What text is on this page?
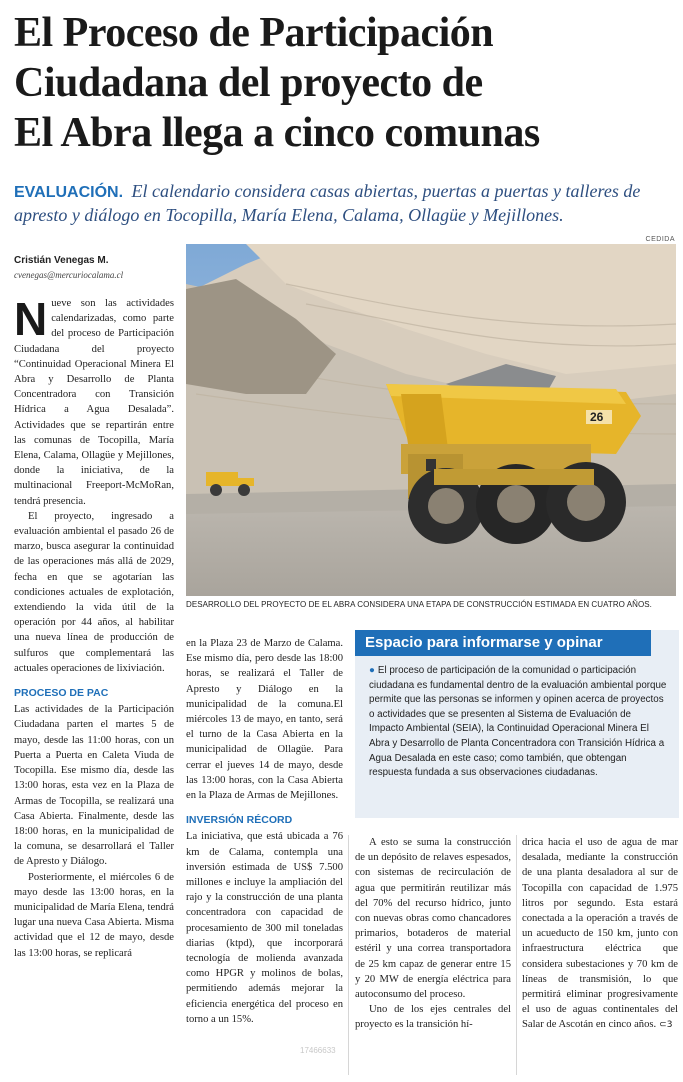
El Proceso de Participación
Ciudadana del proyecto de
El Abra llega a cinco comunas
EVALUACIÓN. El calendario considera casas abiertas, puertas a puertas y talleres de apresto y diálogo en Tocopilla, María Elena, Calama, Ollagüe y Mejillones.
Cristián Venegas M.
cvenegas@mercuriocalama.cl
CEDIDA
26
DESARROLLO DEL PROYECTO DE EL ABRA CONSIDERA UNA ETAPA DE CONSTRUCCIÓN ESTIMADA EN CUATRO AÑOS.

Nueve son las actividades calendarizadas, como parte del proceso de Participación Ciudadana del proyecto “Continuidad Operacional Minera El Abra y Desarrollo de Planta Concentradora con Transición Hídrica a Agua Desalada”. Actividades que se repartirán entre las comunas de Tocopilla, María Elena, Calama, Ollagüe y Mejillones, donde la iniciativa, de la multinacional Freeport-McMoRan, tendrá presencia.

El proyecto, ingresado a evaluación ambiental el pasado 26 de marzo, busca asegurar la continuidad de las operaciones más allá de 2029, fecha en que se agotarían las condiciones actuales de explotación, extendiendo la vida útil de la operación por 44 años, al habilitar una nueva línea de producción de sulfuros que complementará las actuales operaciones de lixiviación.

PROCESO DE PAC

Las actividades de la Participación Ciudadana parten el martes 5 de mayo, desde las 11:00 horas, con un Puerta a Puerta en Caleta Viuda de Tocopilla. Ese mismo día, desde las 13:00 horas, esta vez en la Plaza de Armas de Tocopilla, se realizará una Casa Abierta. Finalmente, desde las 18:00 horas, en la municipalidad de la comuna, se desarrollará el Taller de Apresto y Diálogo.

Posteriormente, el miércoles 6 de mayo desde las 13:00 horas, en la municipalidad de María Elena, tendrá lugar una nueva Casa Abierta. Misma actividad que el 12 de mayo, desde las 13:00 horas, se replicará

en la Plaza 23 de Marzo de Calama. Ese mismo día, pero desde las 18:00 horas, se realizará el Taller de Apresto y Diálogo en la municipalidad de la comuna.El miércoles 13 de mayo, en tanto, será el turno de la Casa Abierta en la municipalidad de Ollagüe. Para cerrar el jueves 14 de mayo, desde las 13:00 horas, con la Casa Abierta en la Plaza de Armas de Mejillones.

INVERSIÓN RÉCORD

La iniciativa, que está ubicada a 76 km de Calama, contempla una inversión estimada de US$ 7.500 millones e incluye la ampliación del rajo y la construcción de una planta concentradora con capacidad de procesamiento de 300 mil toneladas diarias (ktpd), que incorporará tecnología de molienda avanzada como HPGR y molinos de bolas, permitiendo además mejorar la eficiencia energética del proceso en torno a un 15%.

Espacio para informarse y opinar
● El proceso de participación de la comunidad o participación ciudadana es fundamental dentro de la evaluación ambiental porque permite que las personas se informen y opinen acerca de proyectos o actividades que se presenten al Sistema de Evaluación de Impacto Ambiental (SEIA), la Continuidad Operacional Minera El Abra y Desarrollo de Planta Concentradora con Transición Hídrica a Agua Desalada en este caso; como también, que obtengan respuesta fundada a sus observaciones ciudadanas.

A esto se suma la construcción de un depósito de relaves espesados, con sistemas de recirculación de agua que permitirán reutilizar más del 70% del recurso hídrico, junto con nuevas obras como chancadores primarios, botaderos de material estéril y una correa transportadora de 25 km capaz de generar entre 15 y 20 MW de energía eléctrica para autoconsumo del proceso.

Uno de los ejes centrales del proyecto es la transición hí-

drica hacia el uso de agua de mar desalada, mediante la construcción de una planta desaladora al sur de Tocopilla con capacidad de 1.975 litros por segundo. Esta estará conectada a la operación a través de un acueducto de 150 km, junto con infraestructura eléctrica que considera subestaciones y 70 km de líneas de transmisión, lo que permitirá eliminar progresivamente el uso de aguas continentales del Salar de Ascotán en cinco años. ⊂3

17466633
